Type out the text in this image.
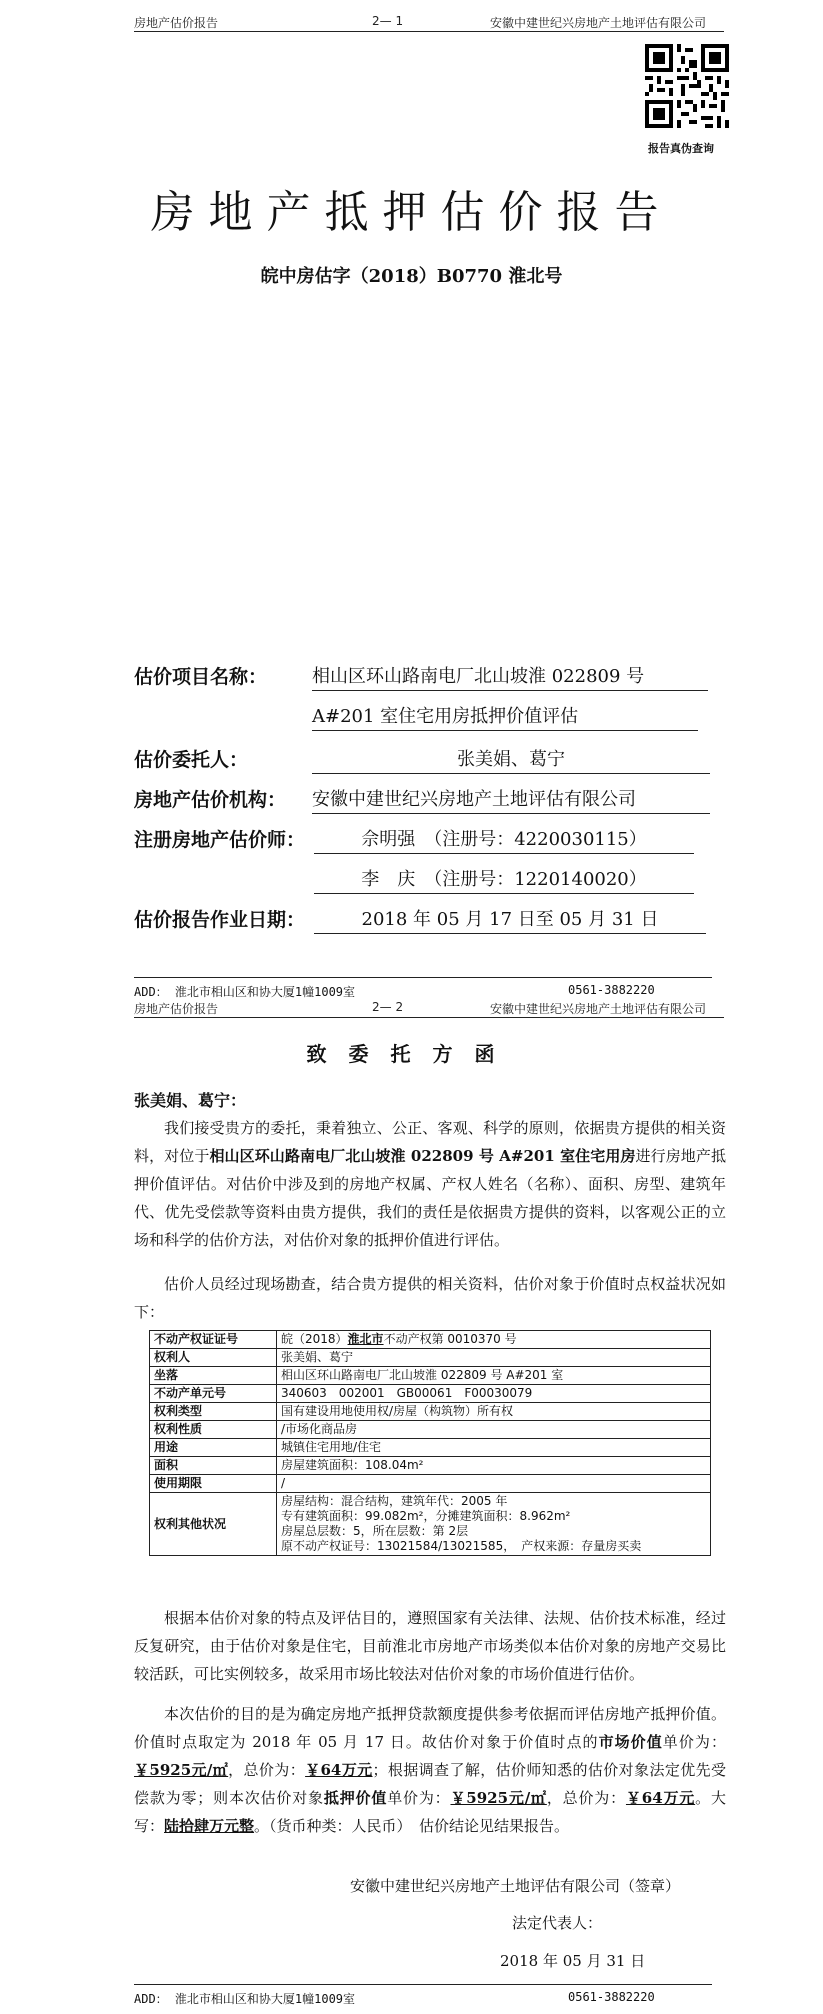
房地产估价报告	2— 1	安徽中建世纪兴房地产土地评估有限公司
报告真伪查询
房地产抵押估价报告
皖中房估字（2018）B0770 淮北号
估价项目名称： 相山区环山路南电厂北山坡淮 022809 号
A#201 室住宅用房抵押价值评估
估价委托人：	张美娟、葛宁
房地产估价机构： 安徽中建世纪兴房地产土地评估有限公司
注册房地产估价师：	佘明强　（注册号：4220030115）
李　庆　（注册号：1220140020）
估价报告作业日期：	2018 年 05 月 17 日至 05 月 31 日
ADD： 淮北市相山区和协大厦1幢1009室	0561-3882220
房地产估价报告	2— 2	安徽中建世纪兴房地产土地评估有限公司
致委托方函
张美娟、葛宁：
我们接受贵方的委托，秉着独立、公正、客观、科学的原则，依据贵方提供的相关资料，对位于相山区环山路南电厂北山坡淮 022809 号 A#201 室住宅用房进行房地产抵押价值评估。对估价中涉及到的房地产权属、产权人姓名（名称）、面积、房型、建筑年代、优先受偿款等资料由贵方提供，我们的责任是依据贵方提供的资料，以客观公正的立场和科学的估价方法，对估价对象的抵押价值进行评估。
估价人员经过现场勘查，结合贵方提供的相关资料，估价对象于价值时点权益状况如下：
不动产权证证号	皖（2018）淮北市不动产权第 0010370 号
权利人	张美娟、葛宁
坐落	相山区环山路南电厂北山坡淮 022809 号 A#201 室
不动产单元号	340603　002001　GB00061　F00030079
权利类型	国有建设用地使用权/房屋（构筑物）所有权
权利性质	/市场化商品房
用途	城镇住宅用地/住宅
面积	房屋建筑面积：108.04m²
使用期限	/
权利其他状况	房屋结构：混合结构，建筑年代：2005 年
专有建筑面积：99.082m²，分摊建筑面积：8.962m²
房屋总层数：5，所在层数：第 2层
原不动产权证号：13021584/13021585，　产权来源：存量房买卖
根据本估价对象的特点及评估目的，遵照国家有关法律、法规、估价技术标准，经过反复研究，由于估价对象是住宅，目前淮北市房地产市场类似本估价对象的房地产交易比较活跃，可比实例较多，故采用市场比较法对估价对象的市场价值进行估价。
本次估价的目的是为确定房地产抵押贷款额度提供参考依据而评估房地产抵押价值。价值时点取定为 2018 年 05 月 17 日。故估价对象于价值时点的市场价值单价为：￥5925元/㎡，总价为：￥64万元；根据调查了解，估价师知悉的估价对象法定优先受偿款为零；则本次估价对象抵押价值单价为：￥5925元/㎡，总价为：￥64万元。大写：陆拾肆万元整。（货币种类：人民币）　估价结论见结果报告。
安徽中建世纪兴房地产土地评估有限公司（签章）
法定代表人：
2018 年 05 月 31 日
ADD： 淮北市相山区和协大厦1幢1009室	0561-3882220
